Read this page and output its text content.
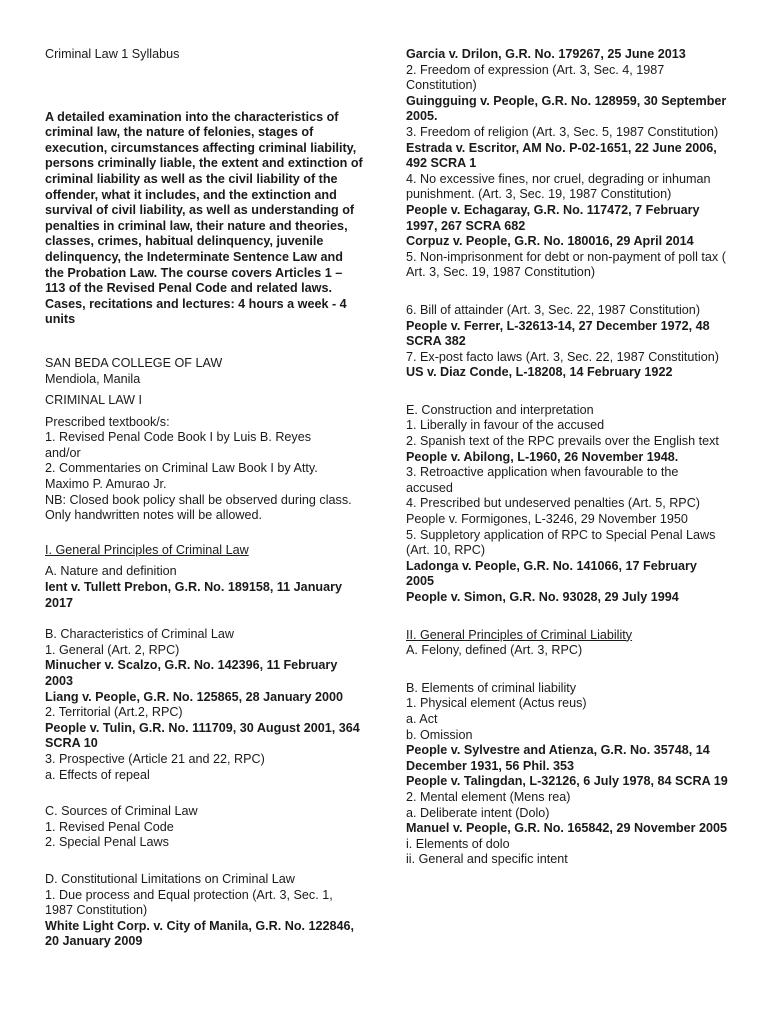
Criminal Law 1 Syllabus

A detailed examination into the characteristics of criminal law, the nature of felonies, stages of execution, circumstances affecting criminal liability, persons criminally liable, the extent and extinction of criminal liability as well as the civil liability of the offender, what it includes, and the extinction and survival of civil liability, as well as understanding of penalties in criminal law, their nature and theories, classes, crimes, habitual delinquency, juvenile delinquency, the Indeterminate Sentence Law and the Probation Law. The course covers Articles 1 – 113 of the Revised Penal Code and related laws. Cases, recitations and lectures: 4 hours a week - 4 units

SAN BEDA COLLEGE OF LAW

Mendiola, Manila

CRIMINAL LAW I

Prescribed textbook/s:

1. Revised Penal Code Book I by Luis B. Reyes

and/or

2. Commentaries on Criminal Law Book I by Atty. Maximo P. Amurao Jr.

NB: Closed book policy shall be observed during class. Only handwritten notes will be allowed.

I. General Principles of Criminal Law

A. Nature and definition

Ient v. Tullett Prebon, G.R. No. 189158, 11 January 2017

B. Characteristics of Criminal Law

1. General (Art. 2, RPC)

Minucher v. Scalzo, G.R. No. 142396, 11 February 2003

Liang v. People, G.R. No. 125865, 28 January 2000

2. Territorial (Art.2, RPC)

People v. Tulin, G.R. No. 111709, 30 August 2001, 364 SCRA 10

3. Prospective (Article 21 and 22, RPC)

a. Effects of repeal

C. Sources of Criminal Law

1. Revised Penal Code

2. Special Penal Laws

D. Constitutional Limitations on Criminal Law

1. Due process and Equal protection (Art. 3, Sec. 1, 1987 Constitution)

White Light Corp. v. City of Manila, G.R. No. 122846, 20 January 2009

Garcia v. Drilon, G.R. No. 179267, 25 June 2013

2. Freedom of expression (Art. 3, Sec. 4, 1987 Constitution)

Guingguing v. People, G.R. No. 128959, 30 September 2005.

3. Freedom of religion (Art. 3, Sec. 5, 1987 Constitution)

Estrada v. Escritor, AM No. P-02-1651, 22 June 2006, 492 SCRA 1

4. No excessive fines, nor cruel, degrading or inhuman punishment. (Art. 3, Sec. 19, 1987 Constitution)

People v. Echagaray, G.R. No. 117472, 7 February 1997, 267 SCRA 682

Corpuz v. People, G.R. No. 180016, 29 April 2014

5. Non-imprisonment for debt or non-payment of poll tax ( Art. 3, Sec. 19, 1987 Constitution)

6. Bill of attainder (Art. 3, Sec. 22, 1987 Constitution)

People v. Ferrer, L-32613-14, 27 December 1972, 48 SCRA 382

7. Ex-post facto laws (Art. 3, Sec. 22, 1987 Constitution)

US v. Diaz Conde, L-18208, 14 February 1922

E. Construction and interpretation

1. Liberally in favour of the accused

2. Spanish text of the RPC prevails over the English text

People v. Abilong, L-1960, 26 November 1948.

3. Retroactive application when favourable to the accused

4. Prescribed but undeserved penalties (Art. 5, RPC)

People v. Formigones, L-3246, 29 November 1950

5. Suppletory application of RPC to Special Penal Laws (Art. 10, RPC)

Ladonga v. People, G.R. No. 141066, 17 February 2005

People v. Simon, G.R. No. 93028, 29 July 1994

II. General Principles of Criminal Liability

A. Felony, defined (Art. 3, RPC)

B. Elements of criminal liability

1. Physical element (Actus reus)

a. Act

b. Omission

People v. Sylvestre and Atienza, G.R. No. 35748, 14 December 1931, 56 Phil. 353

People v. Talingdan, L-32126, 6 July 1978, 84 SCRA 19

2. Mental element (Mens rea)

a. Deliberate intent (Dolo)

Manuel v. People, G.R. No. 165842, 29 November 2005

i. Elements of dolo

ii. General and specific intent
